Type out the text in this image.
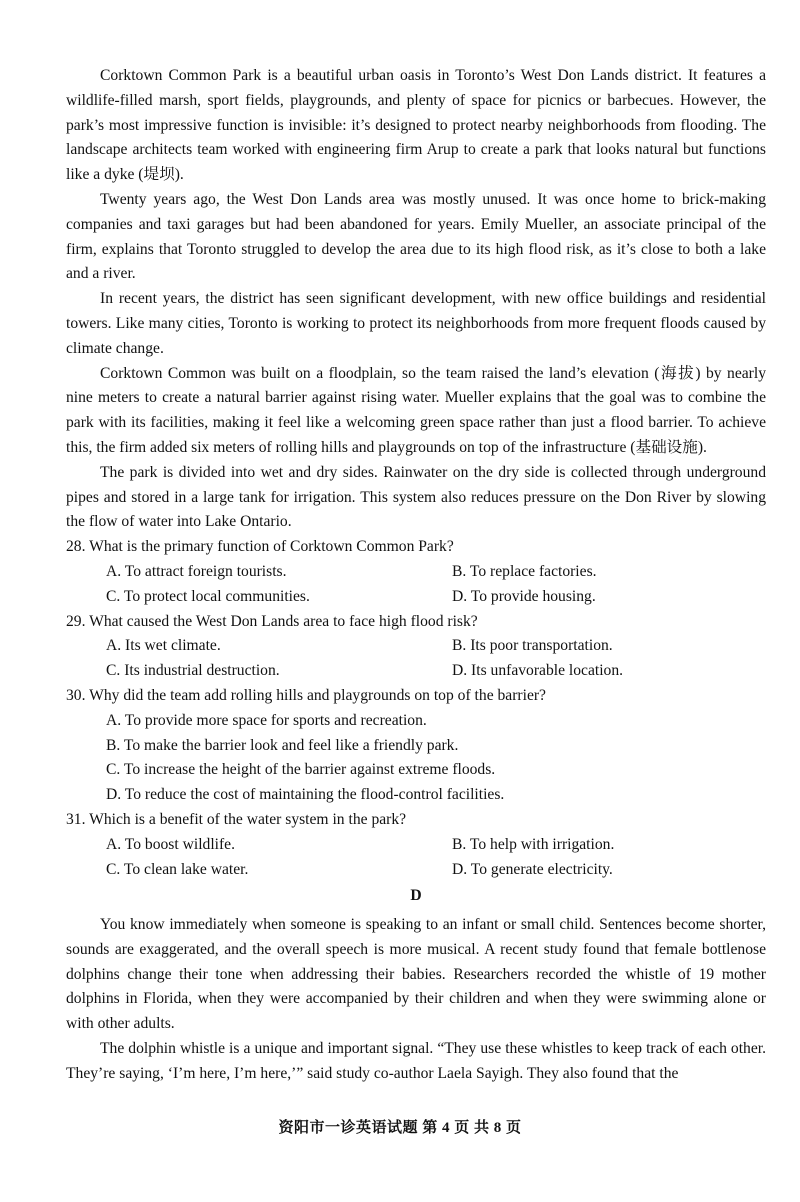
Corktown Common Park is a beautiful urban oasis in Toronto’s West Don Lands district. It features a wildlife-filled marsh, sport fields, playgrounds, and plenty of space for picnics or barbecues. However, the park’s most impressive function is invisible: it’s designed to protect nearby neighborhoods from flooding. The landscape architects team worked with engineering firm Arup to create a park that looks natural but functions like a dyke (堤坝).

Twenty years ago, the West Don Lands area was mostly unused. It was once home to brick-making companies and taxi garages but had been abandoned for years. Emily Mueller, an associate principal of the firm, explains that Toronto struggled to develop the area due to its high flood risk, as it’s close to both a lake and a river.

In recent years, the district has seen significant development, with new office buildings and residential towers. Like many cities, Toronto is working to protect its neighborhoods from more frequent floods caused by climate change.

Corktown Common was built on a floodplain, so the team raised the land’s elevation (海拔) by nearly nine meters to create a natural barrier against rising water. Mueller explains that the goal was to combine the park with its facilities, making it feel like a welcoming green space rather than just a flood barrier. To achieve this, the firm added six meters of rolling hills and playgrounds on top of the infrastructure (基础设施).

The park is divided into wet and dry sides. Rainwater on the dry side is collected through underground pipes and stored in a large tank for irrigation. This system also reduces pressure on the Don River by slowing the flow of water into Lake Ontario.

28. What is the primary function of Corktown Common Park?

A. To attract foreign tourists.	B. To replace factories.

C. To protect local communities.	D. To provide housing.

29. What caused the West Don Lands area to face high flood risk?

A. Its wet climate.	B. Its poor transportation.

C. Its industrial destruction.	D. Its unfavorable location.

30. Why did the team add rolling hills and playgrounds on top of the barrier?

A. To provide more space for sports and recreation.

B. To make the barrier look and feel like a friendly park.

C. To increase the height of the barrier against extreme floods.

D. To reduce the cost of maintaining the flood-control facilities.

31. Which is a benefit of the water system in the park?

A. To boost wildlife.	B. To help with irrigation.

C. To clean lake water.	D. To generate electricity.

D

You know immediately when someone is speaking to an infant or small child. Sentences become shorter, sounds are exaggerated, and the overall speech is more musical. A recent study found that female bottlenose dolphins change their tone when addressing their babies. Researchers recorded the whistle of 19 mother dolphins in Florida, when they were accompanied by their children and when they were swimming alone or with other adults.

The dolphin whistle is a unique and important signal. “They use these whistles to keep track of each other. They’re saying, ‘I’m here, I’m here,’” said study co-author Laela Sayigh. They also found that the

资阳市一诊英语试题 第 4 页 共 8 页
